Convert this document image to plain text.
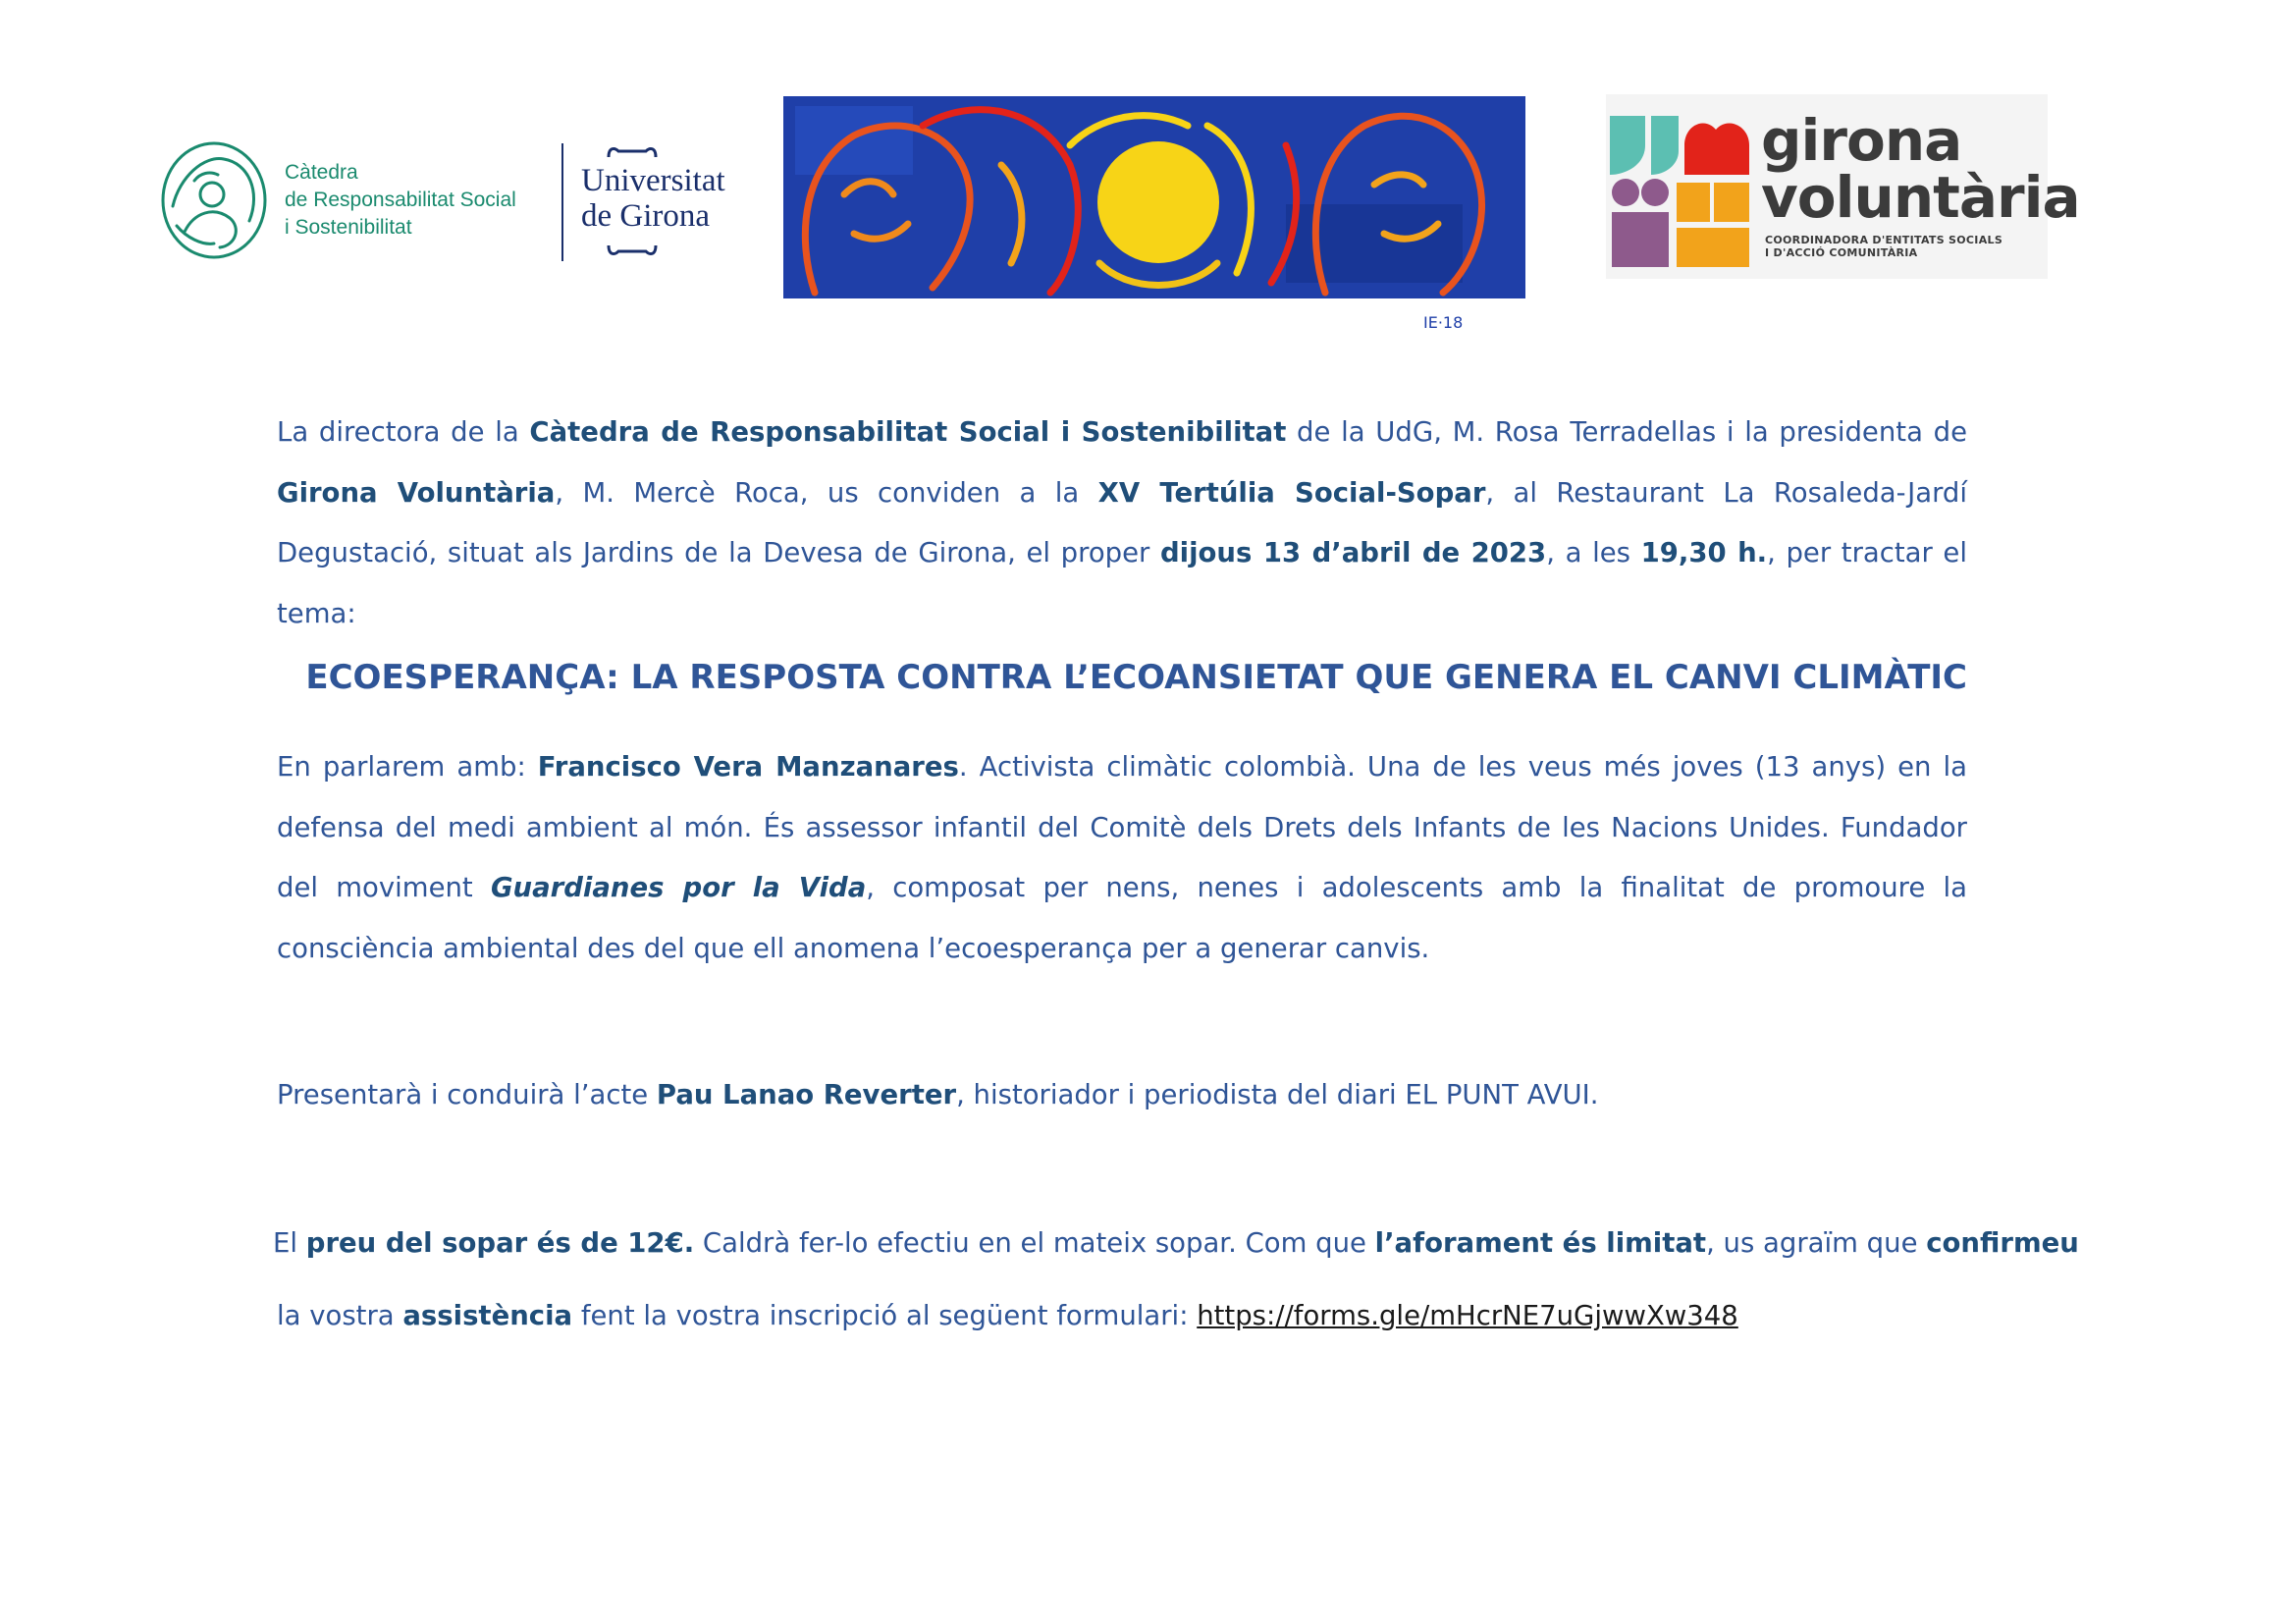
Càtedra
de Responsabilitat Social
i Sostenibilitat
Universitat
de Girona
IE·18
girona
voluntària
COORDINADORA D'ENTITATS SOCIALS
I D'ACCIÓ COMUNITÀRIA

La directora de la Càtedra de Responsabilitat Social i Sostenibilitat de la UdG, M. Rosa Terradellas i la presidenta de Girona Voluntària, M. Mercè Roca, us conviden a la XV Tertúlia Social-Sopar, al Restaurant La Rosaleda-Jardí Degustació, situat als Jardins de la Devesa de Girona, el proper dijous 13 d’abril de 2023, a les 19,30 h., per tractar el tema:

ECOESPERANÇA: LA RESPOSTA CONTRA L’ECOANSIETAT QUE GENERA EL CANVI CLIMÀTIC

En parlarem amb: Francisco Vera Manzanares. Activista climàtic colombià. Una de les veus més joves (13 anys) en la defensa del medi ambient al món. És assessor infantil del Comitè dels Drets dels Infants de les Nacions Unides. Fundador del moviment Guardianes por la Vida, composat per nens, nenes i adolescents amb la finalitat de promoure la consciència ambiental des del que ell anomena l’ecoesperança per a generar canvis.

Presentarà i conduirà l’acte Pau Lanao Reverter, historiador i periodista del diari EL PUNT AVUI.

El preu del sopar és de 12€. Caldrà fer-lo efectiu en el mateix sopar. Com que l’aforament és limitat, us agraïm que confirmeu

la vostra assistència fent la vostra inscripció al següent formulari: https://forms.gle/mHcrNE7uGjwwXw348
